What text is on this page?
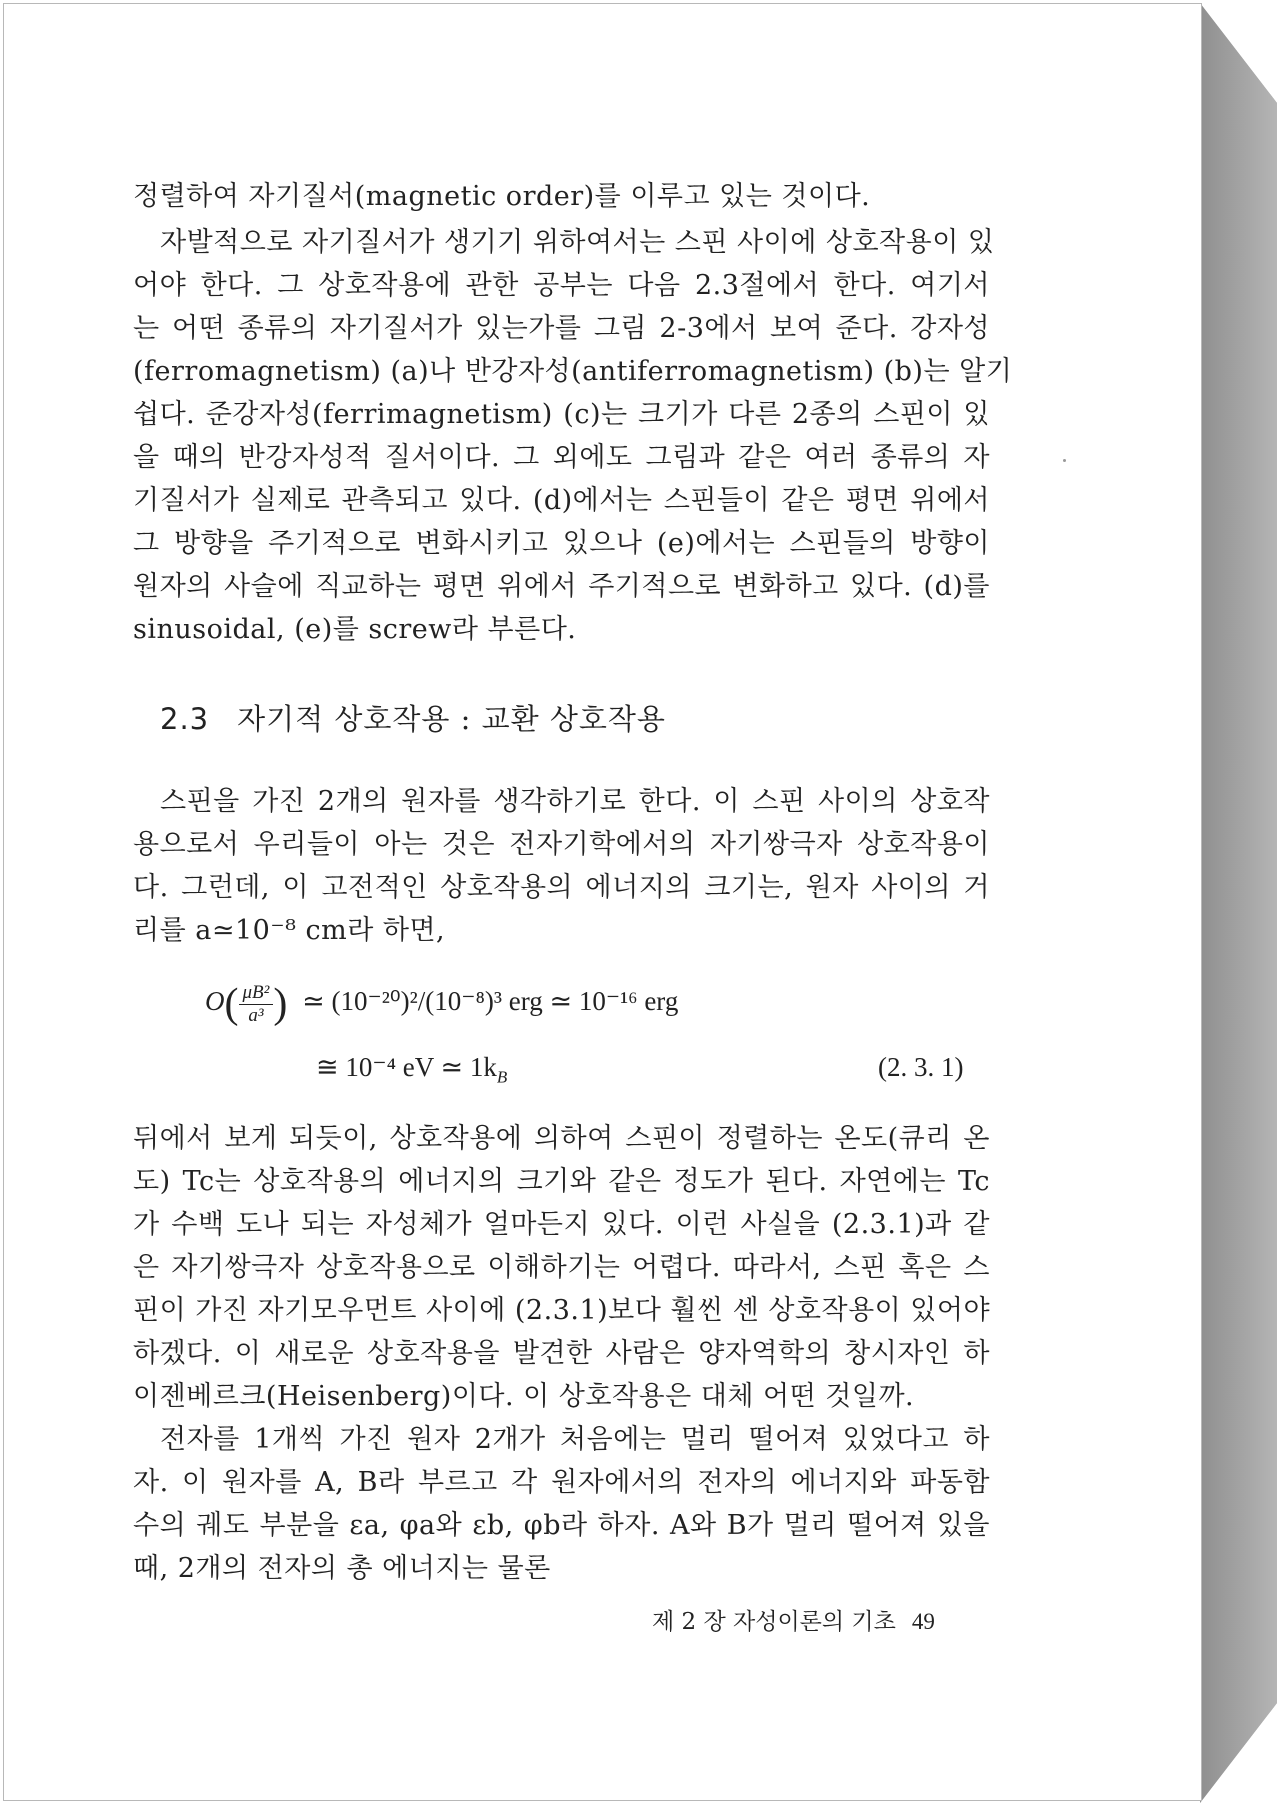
정렬하여 자기질서(magnetic order)를 이루고 있는 것이다.
자발적으로 자기질서가 생기기 위하여서는 스핀 사이에 상호작용이 있
어야 한다. 그 상호작용에 관한 공부는 다음 2.3절에서 한다. 여기서
는 어떤 종류의 자기질서가 있는가를 그림 2-3에서 보여 준다. 강자성
(ferromagnetism) (a)나 반강자성(antiferromagnetism) (b)는 알기
쉽다. 준강자성(ferrimagnetism) (c)는 크기가 다른 2종의 스핀이 있
을 때의 반강자성적 질서이다. 그 외에도 그림과 같은 여러 종류의 자
기질서가 실제로 관측되고 있다. (d)에서는 스핀들이 같은 평면 위에서
그 방향을 주기적으로 변화시키고 있으나 (e)에서는 스핀들의 방향이
원자의 사슬에 직교하는 평면 위에서 주기적으로 변화하고 있다. (d)를
sinusoidal, (e)를 screw라 부른다.
2.3 자기적 상호작용 : 교환 상호작용
스핀을 가진 2개의 원자를 생각하기로 한다. 이 스핀 사이의 상호작
용으로서 우리들이 아는 것은 전자기학에서의 자기쌍극자 상호작용이
다. 그런데, 이 고전적인 상호작용의 에너지의 크기는, 원자 사이의 거
리를 a≃10⁻⁸ cm라 하면,
$O( \frac{\text{μB²}}{\text{a³}}$ ) ≃ (10⁻²⁰)²/(10⁻⁸)³ erg ≃ 10⁻¹⁶ erg
≅ 10⁻⁴ eV ≃ $1k_B$	(2. 3. 1)
뒤에서 보게 되듯이, 상호작용에 의하여 스핀이 정렬하는 온도(큐리 온
도) Tc는 상호작용의 에너지의 크기와 같은 정도가 된다. 자연에는 Tc
가 수백 도나 되는 자성체가 얼마든지 있다. 이런 사실을 (2.3.1)과 같
은 자기쌍극자 상호작용으로 이해하기는 어렵다. 따라서, 스핀 혹은 스
핀이 가진 자기모우먼트 사이에 (2.3.1)보다 훨씬 센 상호작용이 있어야
하겠다. 이 새로운 상호작용을 발견한 사람은 양자역학의 창시자인 하
이젠베르크(Heisenberg)이다. 이 상호작용은 대체 어떤 것일까.
전자를 1개씩 가진 원자 2개가 처음에는 멀리 떨어져 있었다고 하
자. 이 원자를 A, B라 부르고 각 원자에서의 전자의 에너지와 파동함
수의 궤도 부분을 εa, φa와 εb, φb라 하자. A와 B가 멀리 떨어져 있을
때, 2개의 전자의 총 에너지는 물론
제 2 장 자성이론의 기초 49
